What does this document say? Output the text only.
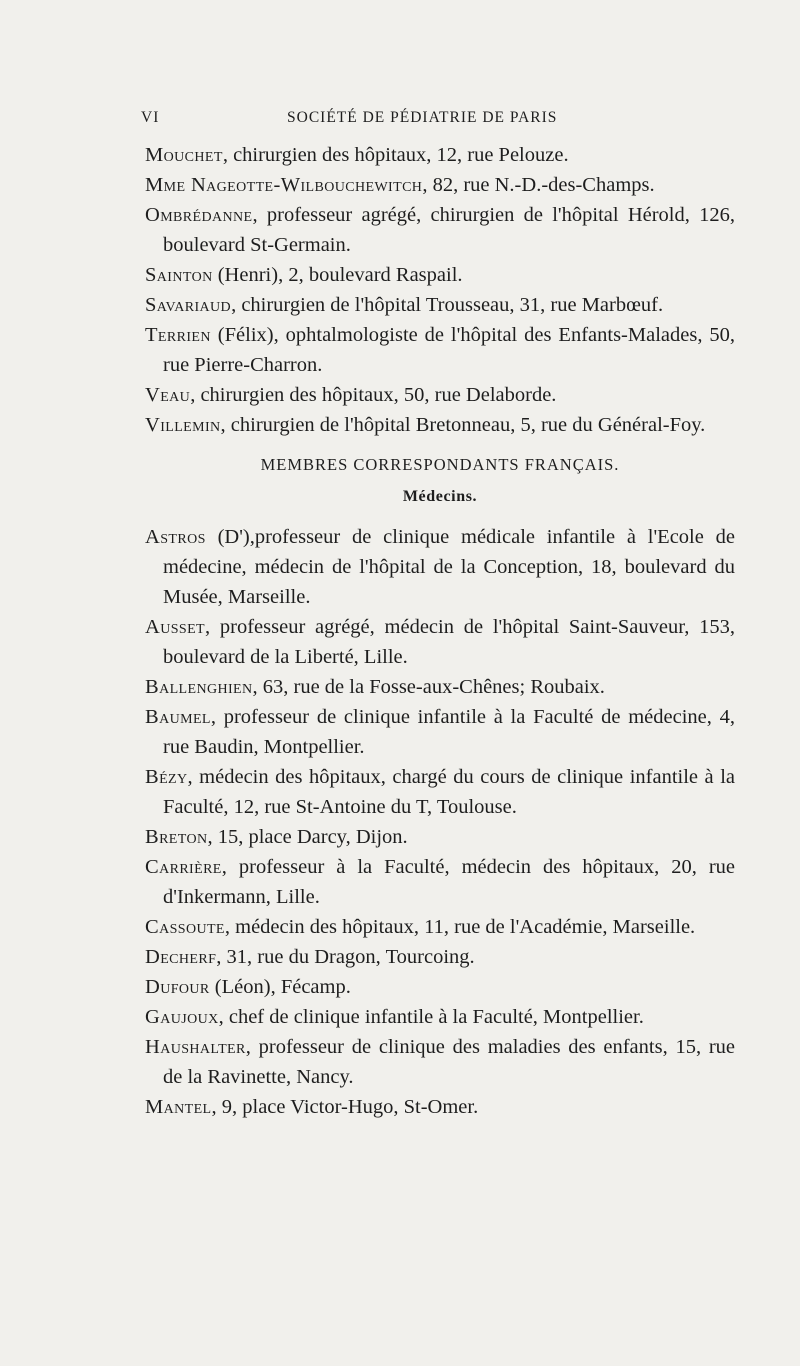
VI	SOCIÉTÉ DE PÉDIATRIE DE PARIS
Mouchet, chirurgien des hôpitaux, 12, rue Pelouze.
Mme Nageotte-Wilbouchewitch, 82, rue N.-D.-des-Champs.
Ombrédanne, professeur agrégé, chirurgien de l'hôpital Hérold, 126, boulevard St-Germain.
Sainton (Henri), 2, boulevard Raspail.
Savariaud, chirurgien de l'hôpital Trousseau, 31, rue Marbœuf.
Terrien (Félix), ophtalmologiste de l'hôpital des Enfants-Malades, 50, rue Pierre-Charron.
Veau, chirurgien des hôpitaux, 50, rue Delaborde.
Villemin, chirurgien de l'hôpital Bretonneau, 5, rue du Général-Foy.
MEMBRES CORRESPONDANTS FRANÇAIS.
Médecins.
Astros (D'),professeur de clinique médicale infantile à l'Ecole de médecine, médecin de l'hôpital de la Conception, 18, boulevard du Musée, Marseille.
Ausset, professeur agrégé, médecin de l'hôpital Saint-Sauveur, 153, boulevard de la Liberté, Lille.
Ballenghien, 63, rue de la Fosse-aux-Chênes; Roubaix.
Baumel, professeur de clinique infantile à la Faculté de médecine, 4, rue Baudin, Montpellier.
Bézy, médecin des hôpitaux, chargé du cours de clinique infantile à la Faculté, 12, rue St-Antoine du T, Toulouse.
Breton, 15, place Darcy, Dijon.
Carrière, professeur à la Faculté, médecin des hôpitaux, 20, rue d'Inkermann, Lille.
Cassoute, médecin des hôpitaux, 11, rue de l'Académie, Marseille.
Decherf, 31, rue du Dragon, Tourcoing.
Dufour (Léon), Fécamp.
Gaujoux, chef de clinique infantile à la Faculté, Montpellier.
Haushalter, professeur de clinique des maladies des enfants, 15, rue de la Ravinette, Nancy.
Mantel, 9, place Victor-Hugo, St-Omer.
